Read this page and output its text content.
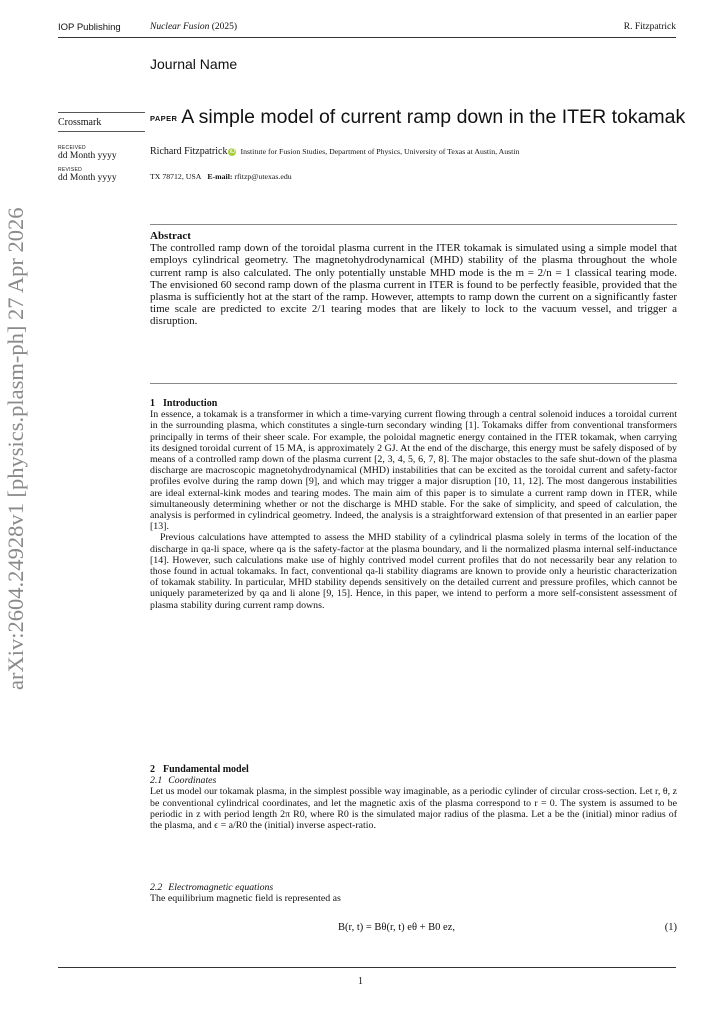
IOP Publishing	Nuclear Fusion (2025)	R. Fitzpatrick
Journal Name
Crossmark
RECEIVED
dd Month yyyy
REVISED
dd Month yyyy
PAPER A simple model of current ramp down in the ITER tokamak
Richard Fitzpatrick iD Institute for Fusion Studies, Department of Physics, University of Texas at Austin, Austin
TX 78712, USA E-mail: rfitzp@utexas.edu
Abstract
The controlled ramp down of the toroidal plasma current in the ITER tokamak is simulated using a simple model that employs cylindrical geometry. The magnetohydrodynamical (MHD) stability of the plasma throughout the whole current ramp is also calculated. The only potentially unstable MHD mode is the m = 2/n = 1 classical tearing mode. The envisioned 60 second ramp down of the plasma current in ITER is found to be perfectly feasible, provided that the plasma is sufficiently hot at the start of the ramp. However, attempts to ramp down the current on a significantly faster time scale are predicted to excite 2/1 tearing modes that are likely to lock to the vacuum vessel, and trigger a disruption.
1 Introduction
In essence, a tokamak is a transformer in which a time-varying current flowing through a central solenoid induces a toroidal current in the surrounding plasma, which constitutes a single-turn secondary winding [1]. Tokamaks differ from conventional transformers principally in terms of their sheer scale. For example, the poloidal magnetic energy contained in the ITER tokamak, when carrying its designed toroidal current of 15 MA, is approximately 2 GJ. At the end of the discharge, this energy must be safely disposed of by means of a controlled ramp down of the plasma current [2, 3, 4, 5, 6, 7, 8]. The major obstacles to the safe shut-down of the plasma discharge are macroscopic magnetohydrodynamical (MHD) instabilities that can be excited as the toroidal current and safety-factor profiles evolve during the ramp down [9], and which may trigger a major disruption [10, 11, 12]. The most dangerous instabilities are ideal external-kink modes and tearing modes. The main aim of this paper is to simulate a current ramp down in ITER, while simultaneously determining whether or not the discharge is MHD stable. For the sake of simplicity, and speed of calculation, the analysis is performed in cylindrical geometry. Indeed, the analysis is a straightforward extension of that presented in an earlier paper [13].
Previous calculations have attempted to assess the MHD stability of a cylindrical plasma solely in terms of the location of the discharge in qa-li space, where qa is the safety-factor at the plasma boundary, and li the normalized plasma internal self-inductance [14]. However, such calculations make use of highly contrived model current profiles that do not necessarily bear any relation to those found in actual tokamaks. In fact, conventional qa-li stability diagrams are known to provide only a heuristic characterization of tokamak stability. In particular, MHD stability depends sensitively on the detailed current and pressure profiles, which cannot be uniquely parameterized by qa and li alone [9, 15]. Hence, in this paper, we intend to perform a more self-consistent assessment of plasma stability during current ramp downs.
2 Fundamental model
2.1 Coordinates
Let us model our tokamak plasma, in the simplest possible way imaginable, as a periodic cylinder of circular cross-section. Let r, θ, z be conventional cylindrical coordinates, and let the magnetic axis of the plasma correspond to r = 0. The system is assumed to be periodic in z with period length 2π R0, where R0 is the simulated major radius of the plasma. Let a be the (initial) minor radius of the plasma, and ϵ = a/R0 the (initial) inverse aspect-ratio.
2.2 Electromagnetic equations
The equilibrium magnetic field is represented as
B(r, t) = Bθ(r, t) eθ + B0 ez,	(1)
1
arXiv:2604.24928v1 [physics.plasm-ph] 27 Apr 2026
